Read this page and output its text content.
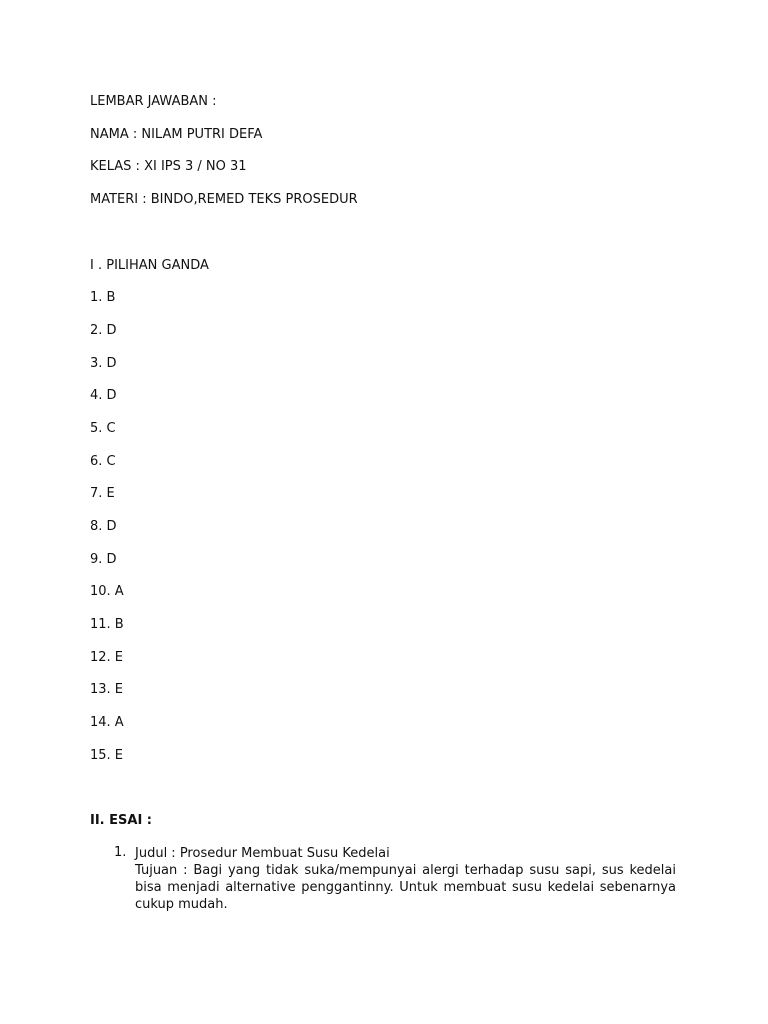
LEMBAR JAWABAN :
NAMA : NILAM PUTRI DEFA
KELAS : XI IPS 3 / NO 31
MATERI : BINDO,REMED TEKS PROSEDUR
I . PILIHAN GANDA
1. B
2. D
3. D
4. D
5. C
6. C
7. E
8. D
9. D
10. A
11. B
12. E
13. E
14. A
15. E
II. ESAI :
1. Judul : Prosedur Membuat Susu Kedelai
Tujuan : Bagi yang tidak suka/mempunyai alergi terhadap susu sapi, sus kedelai bisa menjadi alternative penggantinny. Untuk membuat susu kedelai sebenarnya cukup mudah.
